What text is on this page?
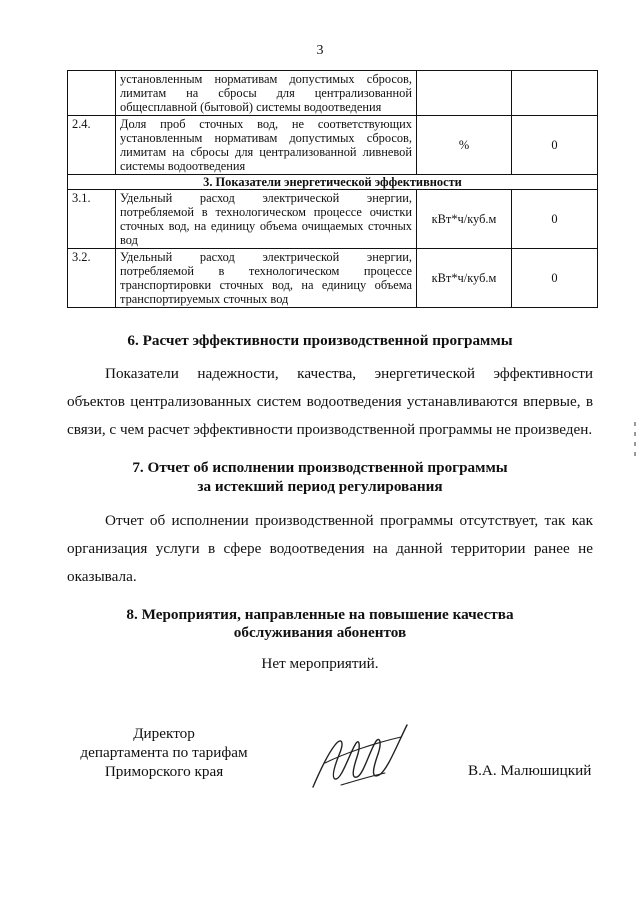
3
	установленным нормативам допустимых сбросов, лимитам на сбросы для централизованной общесплавной (бытовой) системы водоотведения		
2.4.	Доля проб сточных вод, не соответствующих установленным нормативам допустимых сбросов, лимитам на сбросы для централизованной ливневой системы водоотведения	%	0
3. Показатели энергетической эффективности			
3.1.	Удельный расход электрической энергии, потребляемой в технологическом процессе очистки сточных вод, на единицу объема очищаемых сточных вод	кВт*ч/куб.м	0
3.2.	Удельный расход электрической энергии, потребляемой в технологическом процессе транспортировки сточных вод, на единицу объема транспортируемых сточных вод	кВт*ч/куб.м	0
6. Расчет эффективности производственной программы

Показатели надежности, качества, энергетической эффективности объектов централизованных систем водоотведения устанавливаются впервые, в связи, с чем расчет эффективности производственной программы не произведен.

7. Отчет об исполнении производственной программы
за истекший период регулирования

Отчет об исполнении производственной программы отсутствует, так как организация услуги в сфере водоотведения на данной территории ранее не оказывала.

8. Мероприятия, направленные на повышение качества
обслуживания абонентов
Нет мероприятий.
Директор
департамента по тарифам
Приморского края	В.А. Малюшицкий
